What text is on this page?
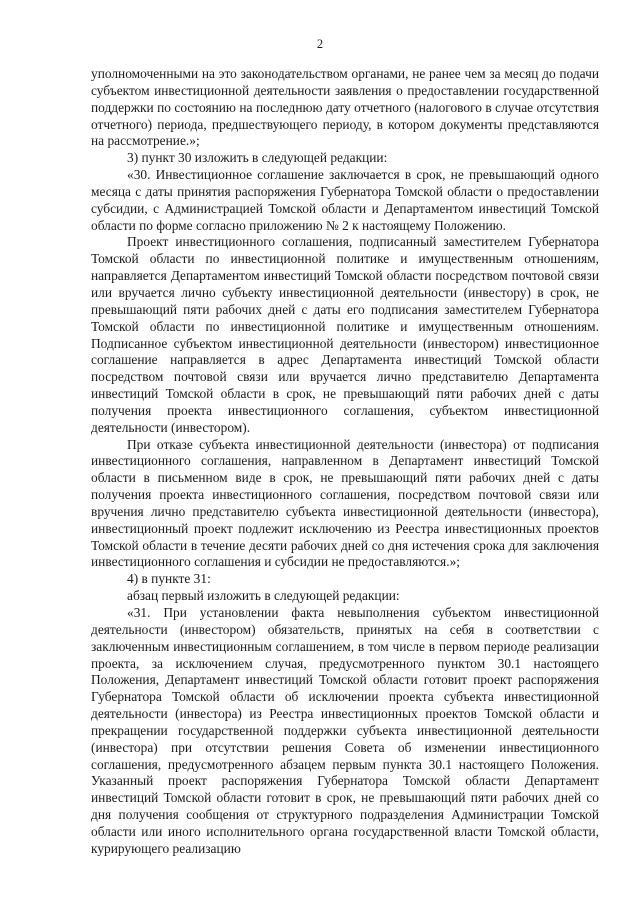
2

уполномоченными на это законодательством органами, не ранее чем за месяц до подачи субъектом инвестиционной деятельности заявления о предоставлении государственной поддержки по состоянию на последнюю дату отчетного (налогового в случае отсутствия отчетного) периода, предшествующего периоду, в котором документы представляются на рассмотрение.»;

3) пункт 30 изложить в следующей редакции:

«30. Инвестиционное соглашение заключается в срок, не превышающий одного месяца с даты принятия распоряжения Губернатора Томской области о предоставлении субсидии, с Администрацией Томской области и Департаментом инвестиций Томской области по форме согласно приложению № 2 к настоящему Положению.

Проект инвестиционного соглашения, подписанный заместителем Губернатора Томской области по инвестиционной политике и имущественным отношениям, направляется Департаментом инвестиций Томской области посредством почтовой связи или вручается лично субъекту инвестиционной деятельности (инвестору) в срок, не превышающий пяти рабочих дней с даты его подписания заместителем Губернатора Томской области по инвестиционной политике и имущественным отношениям. Подписанное субъектом инвестиционной деятельности (инвестором) инвестиционное соглашение направляется в адрес Департамента инвестиций Томской области посредством почтовой связи или вручается лично представителю Департамента инвестиций Томской области в срок, не превышающий пяти рабочих дней с даты получения проекта инвестиционного соглашения, субъектом инвестиционной деятельности (инвестором).

При отказе субъекта инвестиционной деятельности (инвестора) от подписания инвестиционного соглашения, направленном в Департамент инвестиций Томской области в письменном виде в срок, не превышающий пяти рабочих дней с даты получения проекта инвестиционного соглашения, посредством почтовой связи или вручения лично представителю субъекта инвестиционной деятельности (инвестора), инвестиционный проект подлежит исключению из Реестра инвестиционных проектов Томской области в течение десяти рабочих дней со дня истечения срока для заключения инвестиционного соглашения и субсидии не предоставляются.»;

4) в пункте 31:

абзац первый изложить в следующей редакции:

«31. При установлении факта невыполнения субъектом инвестиционной деятельности (инвестором) обязательств, принятых на себя в соответствии с заключенным инвестиционным соглашением, в том числе в первом периоде реализации проекта, за исключением случая, предусмотренного пунктом 30.1 настоящего Положения, Департамент инвестиций Томской области готовит проект распоряжения Губернатора Томской области об исключении проекта субъекта инвестиционной деятельности (инвестора) из Реестра инвестиционных проектов Томской области и прекращении государственной поддержки субъекта инвестиционной деятельности (инвестора) при отсутствии решения Совета об изменении инвестиционного соглашения, предусмотренного абзацем первым пункта 30.1 настоящего Положения. Указанный проект распоряжения Губернатора Томской области Департамент инвестиций Томской области готовит в срок, не превышающий пяти рабочих дней со дня получения сообщения от структурного подразделения Администрации Томской области или иного исполнительного органа государственной власти Томской области, курирующего реализацию
